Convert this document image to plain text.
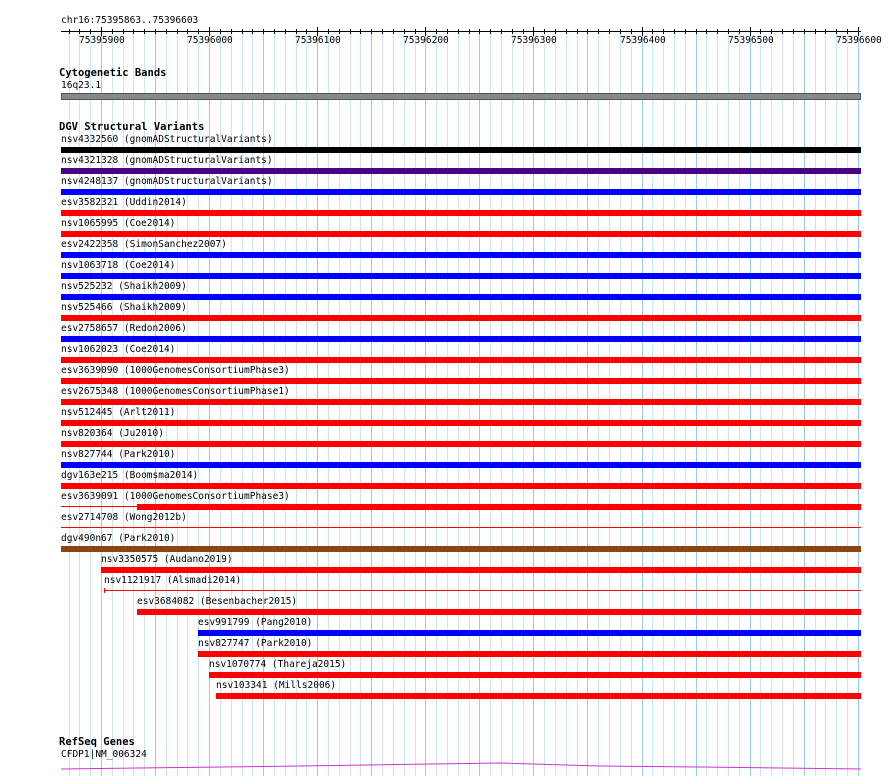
chr16:75395863..75396603
75395900	75396000	75396100	75396200	75396300	75396400	75396500	75396600
Cytogenetic Bands
16q23.1
DGV Structural Variants
nsv4332560 (gnomADStructuralVariants)
nsv4321328 (gnomADStructuralVariants)
nsv4248137 (gnomADStructuralVariants)
esv3582321 (Uddin2014)
nsv1065995 (Coe2014)
esv2422358 (SimonSanchez2007)
nsv1063718 (Coe2014)
nsv525232 (Shaikh2009)
nsv525466 (Shaikh2009)
esv2758657 (Redon2006)
nsv1062023 (Coe2014)
esv3639090 (1000GenomesConsortiumPhase3)
esv2675348 (1000GenomesConsortiumPhase1)
nsv512445 (Arlt2011)
nsv820364 (Ju2010)
nsv827744 (Park2010)
dgv163e215 (Boomsma2014)
esv3639091 (1000GenomesConsortiumPhase3)
esv2714708 (Wong2012b)
dgv490n67 (Park2010)
nsv3350575 (Audano2019)
nsv1121917 (Alsmadi2014)
esv3684082 (Besenbacher2015)
esv991799 (Pang2010)
nsv827747 (Park2010)
nsv1070774 (Thareja2015)
nsv103341 (Mills2006)
RefSeq Genes
CFDP1|NM_006324
